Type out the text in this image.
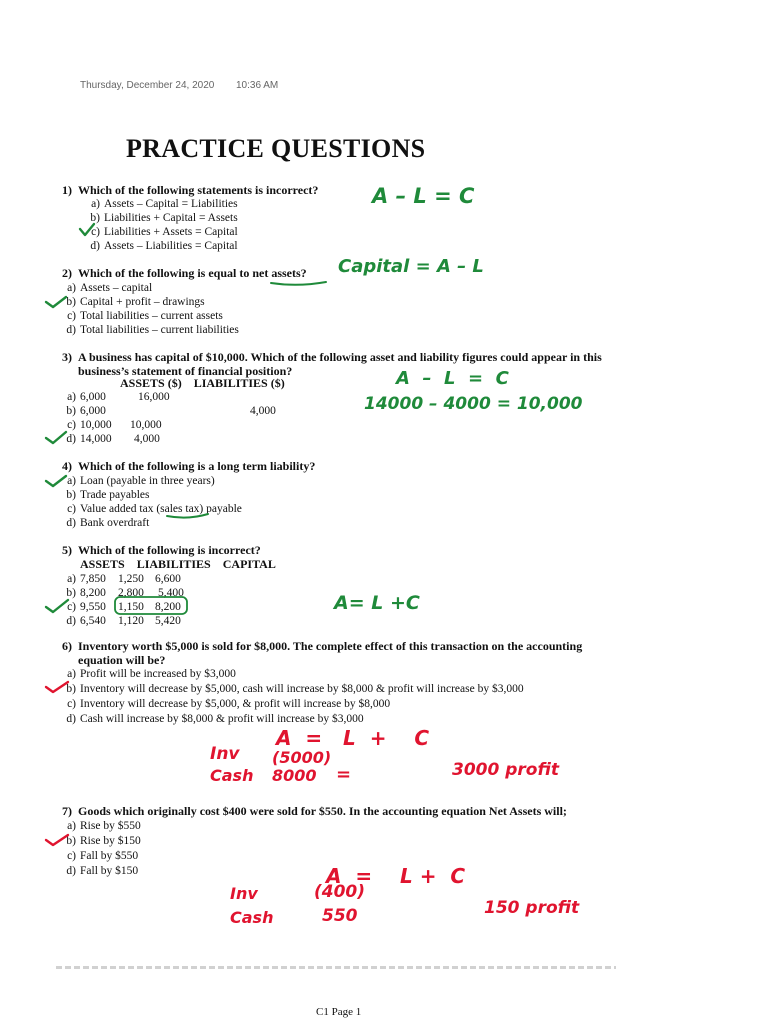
Thursday, December 24, 2020 10:36 AM
PRACTICE QUESTIONS
1) Which of the following statements is incorrect?
a) Assets – Capital = Liabilities
b) Liabilities + Capital = Assets
c) Liabilities + Assets = Capital
d) Assets – Liabilities = Capital
2) Which of the following is equal to net assets?
a) Assets – capital
b) Capital + profit – drawings
c) Total liabilities – current assets
d) Total liabilities – current liabilities
3) A business has capital of $10,000. Which of the following asset and liability figures could appear in this
business’s statement of financial position?
ASSETS ($)    LIABILITIES ($)
a) 6,000	16,000
b) 6,000	4,000
c) 10,000 10,000
d) 14,000 4,000
4) Which of the following is a long term liability?
a) Loan (payable in three years)
b) Trade payables
c) Value added tax (sales tax) payable
d) Bank overdraft
5) Which of the following is incorrect?
ASSETS    LIABILITIES    CAPITAL
a) 7,850 1,250 6,600
b) 8,200 2,800 5,400
c) 9,550 1,150 8,200
d) 6,540 1,120 5,420
6) Inventory worth $5,000 is sold for $8,000. The complete effect of this transaction on the accounting
equation will be?
a) Profit will be increased by $3,000
b) Inventory will decrease by $5,000, cash will increase by $8,000 & profit will increase by $3,000
c) Inventory will decrease by $5,000, & profit will increase by $8,000
d) Cash will increase by $8,000 & profit will increase by $3,000
7) Goods which originally cost $400 were sold for $550. In the accounting equation Net Assets will;
a) Rise by $550
b) Rise by $150
c) Fall by $550
d) Fall by $150
C1 Page 1
A – L = C
Capital = A – L
A  –  L  =  C
14000 – 4000 = 10,000
A= L +C
A  =   L  +    C
Inv (5000)
Cash 8000 =	3000 profit
A  =    L +  C
Inv	(400)
Cash	550	150 profit
